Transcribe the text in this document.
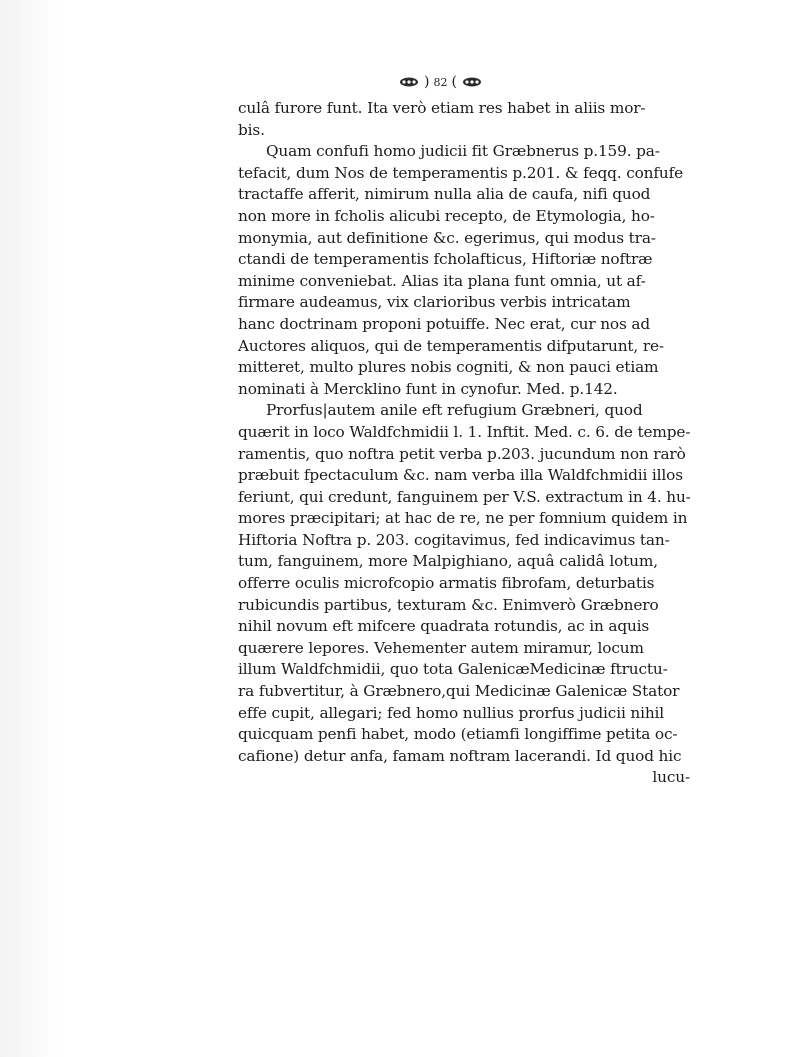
) 82 (
culâ furore funt. Ita verò etiam res habet in aliis mor-
bis.
Quam confufi homo judicii fit Græbnerus p.159. pa-
tefacit, dum Nos de temperamentis p.201. & feqq. confufe
tractaffe afferit, nimirum nulla alia de caufa, nifi quod
non more in fcholis alicubi recepto, de Etymologia, ho-
monymia, aut definitione &c. egerimus, qui modus tra-
ctandi de temperamentis fcholafticus, Hiftoriæ noftræ
minime conveniebat. Alias ita plana funt omnia, ut af-
firmare audeamus, vix clarioribus verbis intricatam
hanc doctrinam proponi potuiffe. Nec erat, cur nos ad
Auctores aliquos, qui de temperamentis difputarunt, re-
mitteret, multo plures nobis cogniti, & non pauci etiam
nominati à Mercklino funt in cynofur. Med. p.142.
Prorfus|autem anile eft refugium Græbneri, quod
quærit in loco Waldfchmidii l. 1. Inftit. Med. c. 6. de tempe-
ramentis, quo noftra petit verba p.203. jucundum non rarò
præbuit fpectaculum &c. nam verba illa Waldfchmidii illos
feriunt, qui credunt, fanguinem per V.S. extractum in 4. hu-
mores præcipitari; at hac de re, ne per fomnium quidem in
Hiftoria Noftra p. 203. cogitavimus, fed indicavimus tan-
tum, fanguinem, more Malpighiano, aquâ calidâ lotum,
offerre oculis microfcopio armatis fibrofam, deturbatis
rubicundis partibus, texturam &c. Enimverò Græbnero
nihil novum eft mifcere quadrata rotundis, ac in aquis
quærere lepores. Vehementer autem miramur, locum
illum Waldfchmidii, quo tota GalenicæMedicinæ ftructu-
ra fubvertitur, à Græbnero,qui Medicinæ Galenicæ Stator
effe cupit, allegari; fed homo nullius prorfus judicii nihil
quicquam penfi habet, modo (etiamfi longiffime petita oc-
cafione) detur anfa, famam noftram lacerandi. Id quod hic
lucu-
